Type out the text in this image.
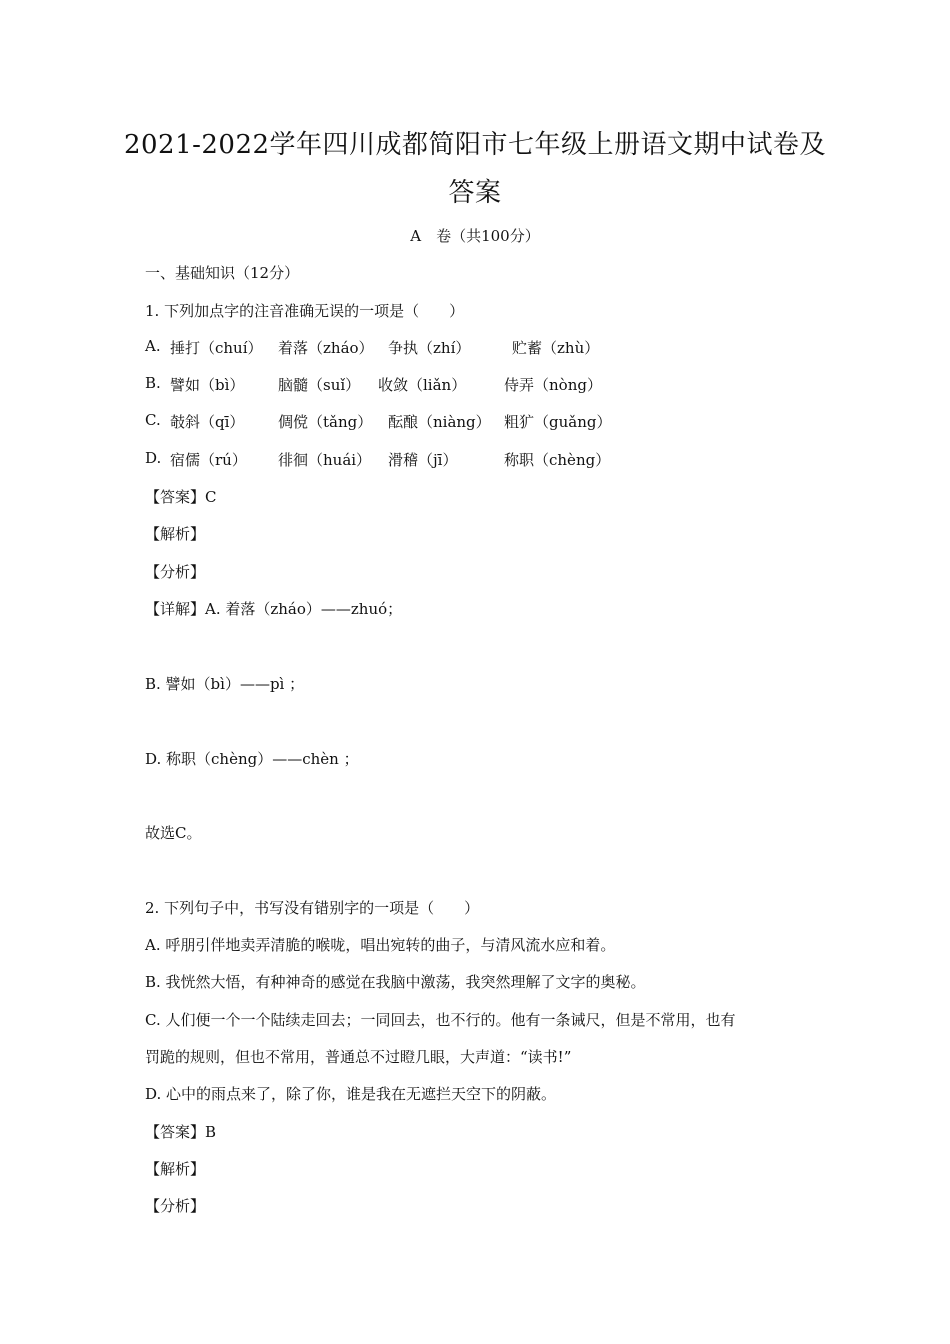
2021-2022学年四川成都简阳市七年级上册语文期中试卷及
答案
A　卷（共100分）
一、基础知识（12分）
1. 下列加点字的注音准确无误的一项是（　　）
A. 捶打（chuí） 着落（zháo） 争执（zhí）	贮蓄（zhù）
B. 譬如（bì） 脑髓（suǐ） 收敛（liǎn）	侍弄（nòng）
C. 攲斜（qī） 倜傥（tǎng） 酝酿（niàng） 粗犷（guǎng）
D. 宿儒（rú） 徘徊（huái） 滑稽（jī）	称职（chèng）
【答案】C
【解析】
【分析】
【详解】A. 着落（zháo）——zhuó；
B. 譬如（bì）——pì ；
D. 称职（chèng）——chèn ；
故选C。
2. 下列句子中，书写没有错别字的一项是（　　）
A. 呼朋引伴地卖弄清脆的喉咙，唱出宛转的曲子，与清风流水应和着。
B. 我恍然大悟，有种神奇的感觉在我脑中激荡，我突然理解了文字的奥秘。
C. 人们便一个一个陆续走回去；一同回去，也不行的。他有一条诫尺，但是不常用，也有
罚跪的规则，但也不常用，普通总不过瞪几眼，大声道：“读书!”
D. 心中的雨点来了，除了你，谁是我在无遮拦天空下的阴蔽。
【答案】B
【解析】
【分析】
